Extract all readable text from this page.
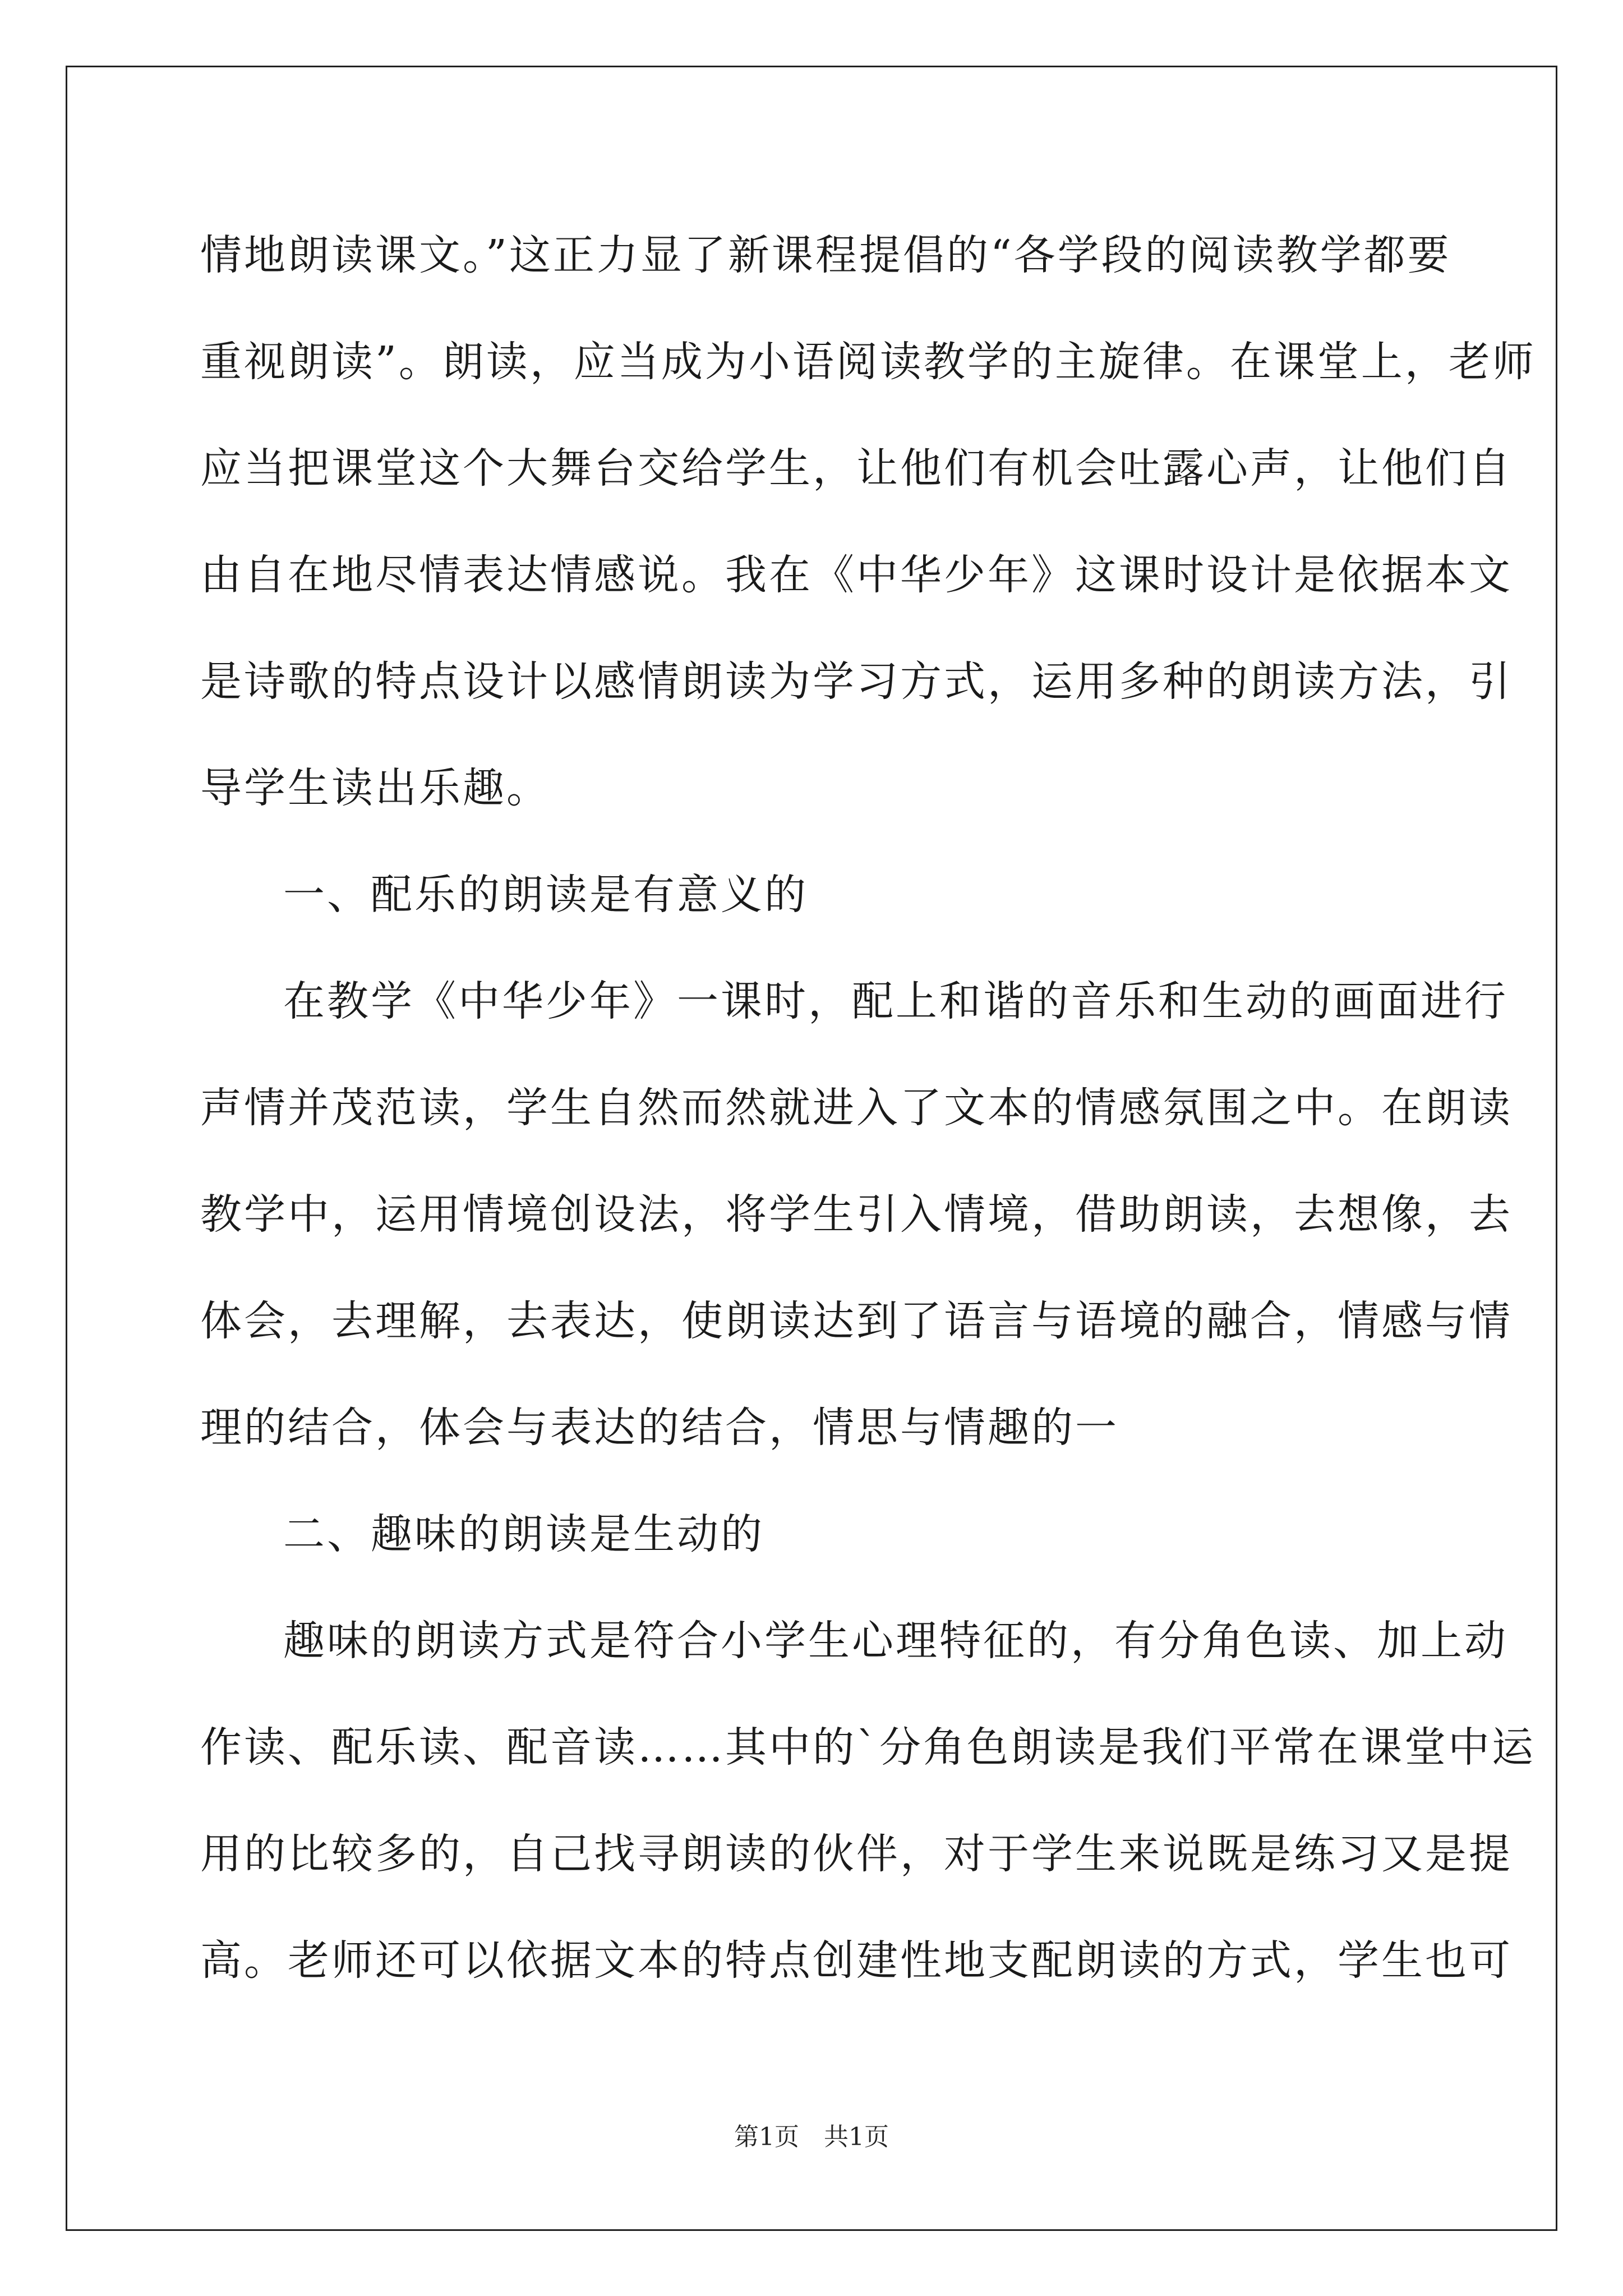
情地朗读课文。”这正力显了新课程提倡的“各学段的阅读教学都要
重视朗读”。朗读，应当成为小语阅读教学的主旋律。在课堂上，老师
应当把课堂这个大舞台交给学生，让他们有机会吐露心声，让他们自
由自在地尽情表达情感说。我在《中华少年》这课时设计是依据本文
是诗歌的特点设计以感情朗读为学习方式，运用多种的朗读方法，引
导学生读出乐趣。
一、配乐的朗读是有意义的
在教学《中华少年》一课时，配上和谐的音乐和生动的画面进行
声情并茂范读，学生自然而然就进入了文本的情感氛围之中。在朗读
教学中，运用情境创设法，将学生引入情境，借助朗读，去想像，去
体会，去理解，去表达，使朗读达到了语言与语境的融合，情感与情
理的结合，体会与表达的结合，情思与情趣的一
二、趣味的朗读是生动的
趣味的朗读方式是符合小学生心理特征的，有分角色读、加上动
作读、配乐读、配音读……其中的`分角色朗读是我们平常在课堂中运
用的比较多的，自己找寻朗读的伙伴，对于学生来说既是练习又是提
高。老师还可以依据文本的特点创建性地支配朗读的方式，学生也可
第1页　共1页
